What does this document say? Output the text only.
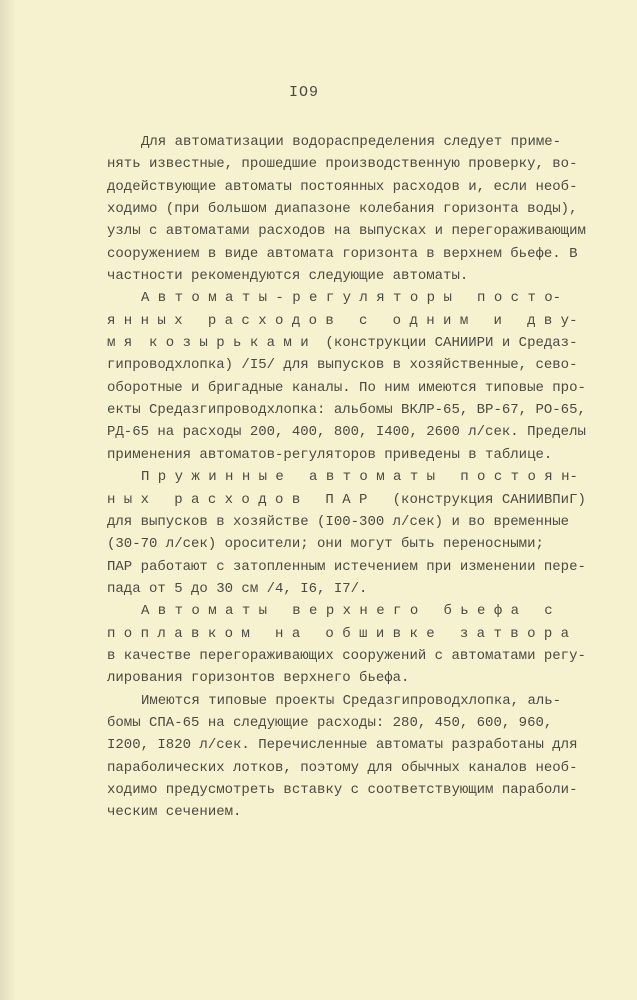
IO9
Для автоматизации водораспределения следует приме-
нять известные, прошедшие производственную проверку, во-
додействующие автоматы постоянных расходов и, если необ-
ходимо (при большом диапазоне колебания горизонта воды),
узлы с автоматами расходов на выпусках и перегораживающим
сооружением в виде автомата горизонта в верхнем бьефе. В
частности рекомендуются следующие автоматы.
А в т о м а т ы - р е г у л я т о р ы   п о с т о-
я н н ы х   р а с х о д о в   с   о д н и м   и   д в у-
м я  к о з ы р ь к а м и  (конструкции САНИИРИ и Средаз-
гипроводхлопка) /I5/ для выпусков в хозяйственные, сево-
оборотные и бригадные каналы. По ним имеются типовые про-
екты Средазгипроводхлопка: альбомы ВКЛР-65, ВР-67, РО-65,
РД-65 на расходы 200, 400, 800, I400, 2600 л/сек. Пределы
применения автоматов-регуляторов приведены в таблице.
П р у ж и н н ы е   а в т о м а т ы   п о с т о я н-
н ы х   р а с х о д о в   П А Р   (конструкция САНИИВПиГ)
для выпусков в хозяйстве (I00-300 л/сек) и во временные
(30-70 л/сек) оросители; они могут быть переносными;
ПАР работают с затопленным истечением при изменении пере-
пада от 5 до 30 см /4, I6, I7/.
А в т о м а т ы   в е р х н е г о   б ь е ф а   с
п о п л а в к о м   н а   о б ш и в к е   з а т в о р а
в качестве перегораживающих сооружений с автоматами регу-
лирования горизонтов верхнего бьефа.
Имеются типовые проекты Средазгипроводхлопка, аль-
бомы СПА-65 на следующие расходы: 280, 450, 600, 960,
I200, I820 л/сек. Перечисленные автоматы разработаны для
параболических лотков, поэтому для обычных каналов необ-
ходимо предусмотреть вставку с соответствующим параболи-
ческим сечением.
